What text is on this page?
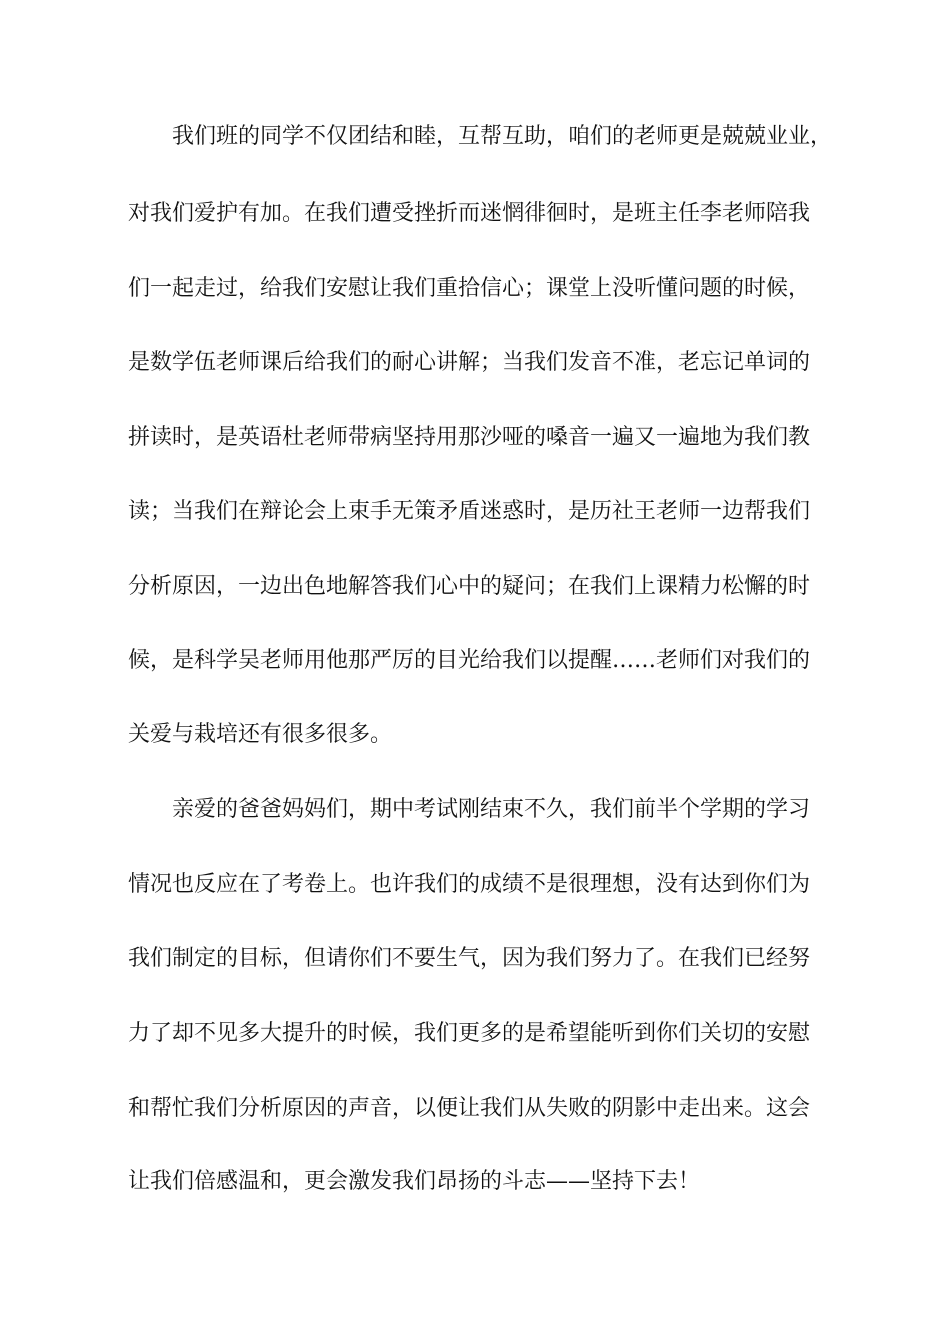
我们班的同学不仅团结和睦，互帮互助，咱们的老师更是兢兢业业，
对我们爱护有加。在我们遭受挫折而迷惘徘徊时，是班主任李老师陪我
们一起走过，给我们安慰让我们重拾信心；课堂上没听懂问题的时候，
是数学伍老师课后给我们的耐心讲解；当我们发音不准，老忘记单词的
拼读时，是英语杜老师带病坚持用那沙哑的嗓音一遍又一遍地为我们教
读；当我们在辩论会上束手无策矛盾迷惑时，是历社王老师一边帮我们
分析原因，一边出色地解答我们心中的疑问；在我们上课精力松懈的时
候，是科学吴老师用他那严厉的目光给我们以提醒……老师们对我们的
关爱与栽培还有很多很多。
亲爱的爸爸妈妈们，期中考试刚结束不久，我们前半个学期的学习
情况也反应在了考卷上。也许我们的成绩不是很理想，没有达到你们为
我们制定的目标，但请你们不要生气，因为我们努力了。在我们已经努
力了却不见多大提升的时候，我们更多的是希望能听到你们关切的安慰
和帮忙我们分析原因的声音，以便让我们从失败的阴影中走出来。这会
让我们倍感温和，更会激发我们昂扬的斗志——坚持下去！
